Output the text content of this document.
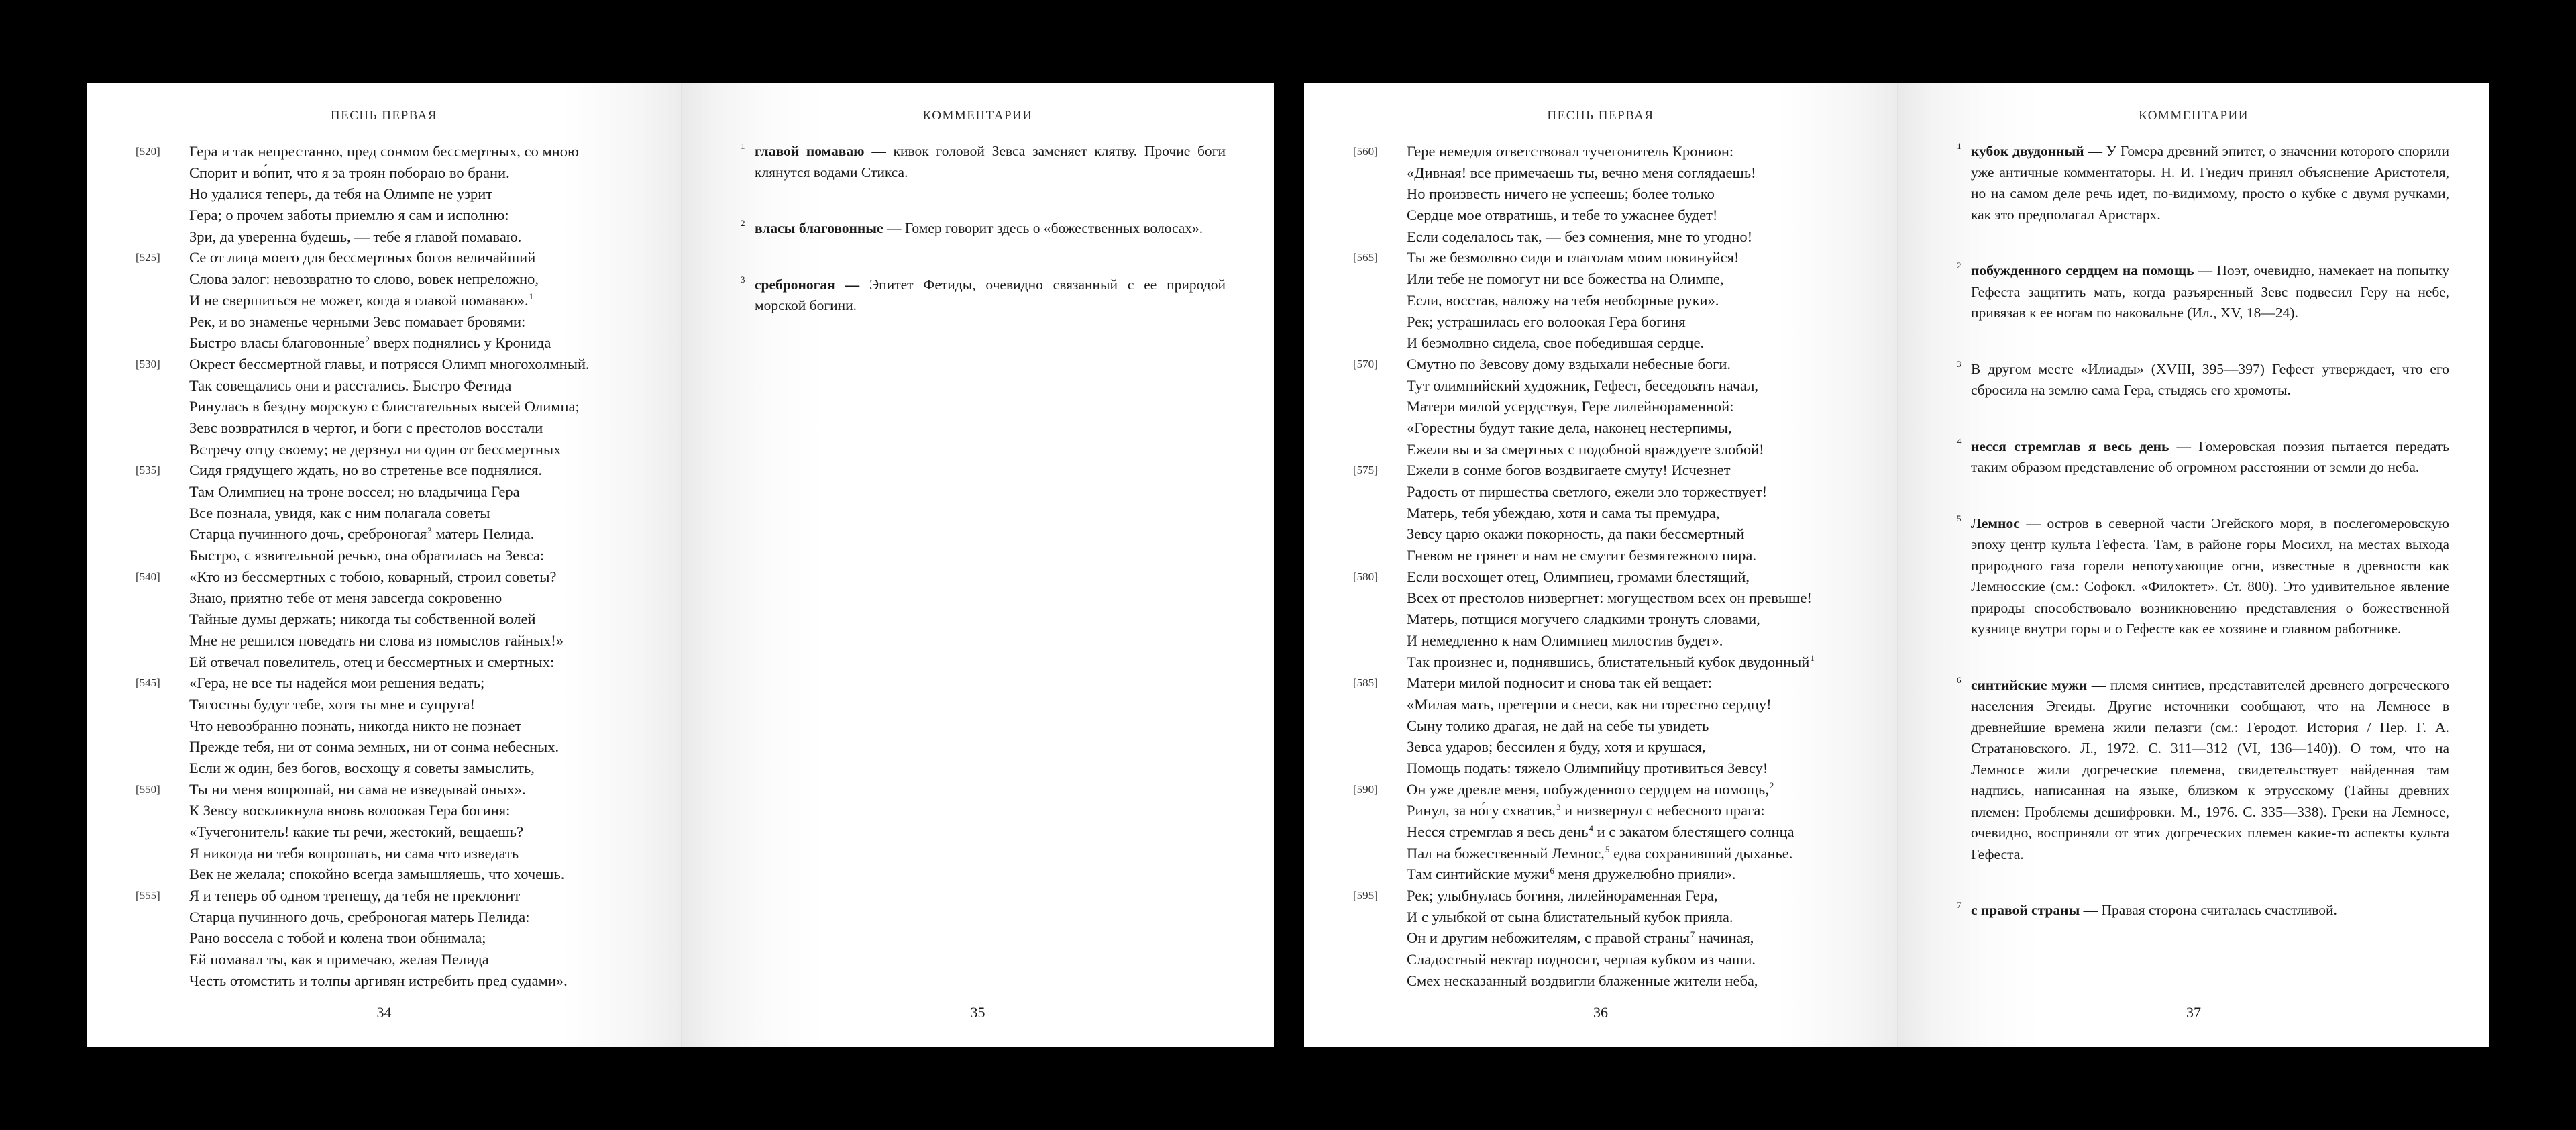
ПЕСНЬ ПЕРВАЯ
[520] Гера и так непрестанно, пред сонмом бессмертных, со мною
Спорит и во́пит, что я за троян побораю во брани.
Но удалися теперь, да тебя на Олимпе не узрит
Гера; о прочем заботы приемлю я сам и исполню:
Зри, да уверенна будешь, — тебе я главой помаваю.
[525] Се от лица моего для бессмертных богов величайший
Слова залог: невозвратно то слово, вовек непреложно,
И не свершиться не может, когда я главой помаваю».$^1$
Рек, и во знаменье черными Зевс помавает бровями:
Быстро власы благовонные$^2$ вверх поднялись у Кронида
[530] Окрест бессмертной главы, и потрясся Олимп многохолмный.
Так совещались они и расстались. Быстро Фетида
Ринулась в бездну морскую с блистательных высей Олимпа;
Зевс возвратился в чертог, и боги с престолов восстали
Встречу отцу своему; не дерзнул ни один от бессмертных
[535] Сидя грядущего ждать, но во стретенье все поднялися.
Там Олимпиец на троне воссел; но владычица Гера
Все познала, увидя, как с ним полагала советы
Старца пучинного дочь, среброногая$^3$ матерь Пелида.
Быстро, с язвительной речью, она обратилась на Зевса:
[540] «Кто из бессмертных с тобою, коварный, строил советы?
Знаю, приятно тебе от меня завсегда сокровенно
Тайные думы держать; никогда ты собственной волей
Мне не решился поведать ни слова из помыслов тайных!»
Ей отвечал повелитель, отец и бессмертных и смертных:
[545] «Гера, не все ты надейся мои решения ведать;
Тягостны будут тебе, хотя ты мне и супруга!
Что невозбранно познать, никогда никто не познает
Прежде тебя, ни от сонма земных, ни от сонма небесных.
Если ж один, без богов, восхощу я советы замыслить,
[550] Ты ни меня вопрошай, ни сама не изведывай оных».
К Зевсу воскликнула вновь волоокая Гера богиня:
«Тучегонитель! какие ты речи, жестокий, вещаешь?
Я никогда ни тебя вопрошать, ни сама что изведать
Век не желала; спокойно всегда замышляешь, что хочешь.
[555] Я и теперь об одном трепещу, да тебя не преклонит
Старца пучинного дочь, среброногая матерь Пелида:
Рано воссела с тобой и колена твои обнимала;
Ей помавал ты, как я примечаю, желая Пелида
Честь отомстить и толпы аргивян истребить пред судами».
34
КОММЕНТАРИИ
1 главой помаваю — кивок головой Зевса заменяет клятву. Прочие боги клянутся водами Стикса.
2 власы благовонные — Гомер говорит здесь о «божественных волосах».
3 среброногая — Эпитет Фетиды, очевидно связанный с ее природой морской богини.
35
ПЕСНЬ ПЕРВАЯ
[560] Гере немедля ответствовал тучегонитель Кронион:
«Дивная! все примечаешь ты, вечно меня соглядаешь!
Но произвесть ничего не успеешь; более только
Сердце мое отвратишь, и тебе то ужаснее будет!
Если соделалось так, — без сомнения, мне то угодно!
[565] Ты же безмолвно сиди и глаголам моим повинуйся!
Или тебе не помогут ни все божества на Олимпе,
Если, восстав, наложу на тебя необорные руки».
Рек; устрашилась его волоокая Гера богиня
И безмолвно сидела, свое победившая сердце.
[570] Смутно по Зевсову дому вздыхали небесные боги.
Тут олимпийский художник, Гефест, беседовать начал,
Матери милой усердствуя, Гере лилейнораменной:
«Горестны будут такие дела, наконец нестерпимы,
Ежели вы и за смертных с подобной враждуете злобой!
[575] Ежели в сонме богов воздвигаете смуту! Исчезнет
Радость от пиршества светлого, ежели зло торжествует!
Матерь, тебя убеждаю, хотя и сама ты премудра,
Зевсу царю окажи покорность, да паки бессмертный
Гневом не грянет и нам не смутит безмятежного пира.
[580] Если восхощет отец, Олимпиец, громами блестящий,
Всех от престолов низвергнет: могуществом всех он превыше!
Матерь, потщися могучего сладкими тронуть словами,
И немедленно к нам Олимпиец милостив будет».
Так произнес и, поднявшись, блистательный кубок двудонный$^1$
[585] Матери милой подносит и снова так ей вещает:
«Милая мать, претерпи и снеси, как ни горестно сердцу!
Сыну толико драгая, не дай на себе ты увидеть
Зевса ударов; бессилен я буду, хотя и крушася,
Помощь подать: тяжело Олимпийцу противиться Зевсу!
[590] Он уже древле меня, побужденного сердцем на помощь,$^2$
Ринул, за но́гу схватив,$^3$ и низвернул с небесного прага:
Несся стремглав я весь день$^4$ и с закатом блестящего солнца
Пал на божественный Лемнос,$^5$ едва сохранивший дыханье.
Там синтийские мужи$^6$ меня дружелюбно прияли».
[595] Рек; улыбнулась богиня, лилейнораменная Гера,
И с улыбкой от сына блистательный кубок прияла.
Он и другим небожителям, с правой страны$^7$ начиная,
Сладостный нектар подносит, черпая кубком из чаши.
Смех несказанный воздвигли блаженные жители неба,
36
КОММЕНТАРИИ
1 кубок двудонный — У Гомера древний эпитет, о значении которого спорили уже античные комментаторы. Н. И. Гнедич принял объяснение Аристотеля, но на самом деле речь идет, по-видимому, просто о кубке с двумя ручками, как это предполагал Аристарх.
2 побужденного сердцем на помощь — Поэт, очевидно, намекает на попытку Гефеста защитить мать, когда разъяренный Зевс подвесил Геру на небе, привязав к ее ногам по наковальне (Ил., XV, 18—24).
3 В другом месте «Илиады» (XVIII, 395—397) Гефест утверждает, что его сбросила на землю сама Гера, стыдясь его хромоты.
4 несся стремглав я весь день — Гомеровская поэзия пытается передать таким образом представление об огромном расстоянии от земли до неба.
5 Лемнос — остров в северной части Эгейского моря, в послегомеровскую эпоху центр культа Гефеста. Там, в районе горы Мосихл, на местах выхода природного газа горели непотухающие огни, известные в древности как Лемносские (см.: Софокл. «Филоктет». Ст. 800). Это удивительное явление природы способствовало возникновению представления о божественной кузнице внутри горы и о Гефесте как ее хозяине и главном работнике.
6 синтийские мужи — племя синтиев, представителей древнего догреческого населения Эгеиды. Другие источники сообщают, что на Лемносе в древнейшие времена жили пелазги (см.: Геродот. История / Пер. Г. А. Стратановского. Л., 1972. С. 311—312 (VI, 136—140)). О том, что на Лемносе жили догреческие племена, свидетельствует найденная там надпись, написанная на языке, близком к этрусскому (Тайны древних племен: Проблемы дешифровки. М., 1976. С. 335—338). Греки на Лемносе, очевидно, восприняли от этих догреческих племен какие-то аспекты культа Гефеста.
7 с правой страны — Правая сторона считалась счастливой.
37
